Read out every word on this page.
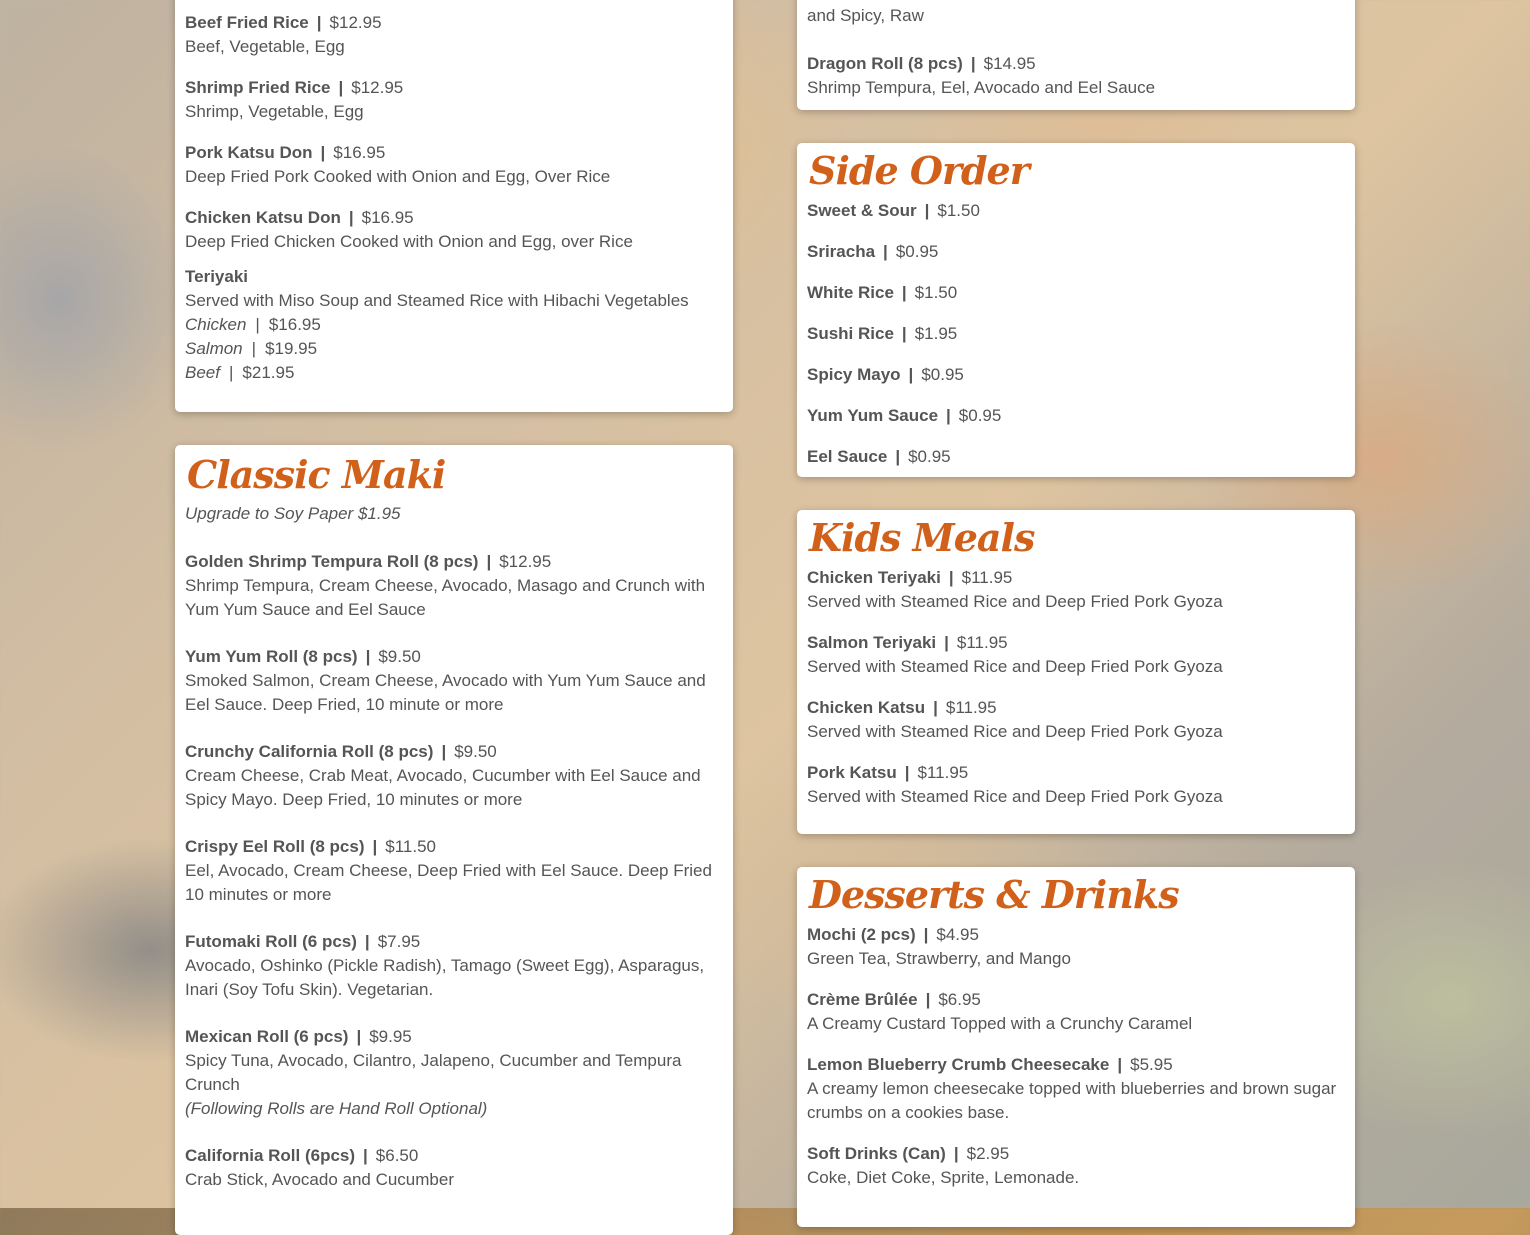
Beef Fried Rice | $12.95
Beef, Vegetable, Egg
Shrimp Fried Rice | $12.95
Shrimp, Vegetable, Egg
Pork Katsu Don | $16.95
Deep Fried Pork Cooked with Onion and Egg, Over Rice
Chicken Katsu Don | $16.95
Deep Fried Chicken Cooked with Onion and Egg, over Rice
Teriyaki
Served with Miso Soup and Steamed Rice with Hibachi Vegetables
Chicken | $16.95
Salmon | $19.95
Beef | $21.95
Classic Maki
Upgrade to Soy Paper $1.95
Golden Shrimp Tempura Roll (8 pcs) | $12.95
Shrimp Tempura, Cream Cheese, Avocado, Masago and Crunch with Yum Yum Sauce and Eel Sauce
Yum Yum Roll (8 pcs) | $9.50
Smoked Salmon, Cream Cheese, Avocado with Yum Yum Sauce and Eel Sauce. Deep Fried, 10 minute or more
Crunchy California Roll (8 pcs) | $9.50
Cream Cheese, Crab Meat, Avocado, Cucumber with Eel Sauce and Spicy Mayo. Deep Fried, 10 minutes or more
Crispy Eel Roll (8 pcs) | $11.50
Eel, Avocado, Cream Cheese, Deep Fried with Eel Sauce. Deep Fried 10 minutes or more
Futomaki Roll (6 pcs) | $7.95
Avocado, Oshinko (Pickle Radish), Tamago (Sweet Egg), Asparagus, Inari (Soy Tofu Skin). Vegetarian.
Mexican Roll (6 pcs) | $9.95
Spicy Tuna, Avocado, Cilantro, Jalapeno, Cucumber and Tempura Crunch
(Following Rolls are Hand Roll Optional)
California Roll (6pcs) | $6.50
Crab Stick, Avocado and Cucumber
and Spicy, Raw
Dragon Roll (8 pcs) | $14.95
Shrimp Tempura, Eel, Avocado and Eel Sauce
Side Order
Sweet & Sour | $1.50
Sriracha | $0.95
White Rice | $1.50
Sushi Rice | $1.95
Spicy Mayo | $0.95
Yum Yum Sauce | $0.95
Eel Sauce | $0.95
Kids Meals
Chicken Teriyaki | $11.95
Served with Steamed Rice and Deep Fried Pork Gyoza
Salmon Teriyaki | $11.95
Served with Steamed Rice and Deep Fried Pork Gyoza
Chicken Katsu | $11.95
Served with Steamed Rice and Deep Fried Pork Gyoza
Pork Katsu | $11.95
Served with Steamed Rice and Deep Fried Pork Gyoza
Desserts & Drinks
Mochi (2 pcs) | $4.95
Green Tea, Strawberry, and Mango
Crème Brûlée | $6.95
A Creamy Custard Topped with a Crunchy Caramel
Lemon Blueberry Crumb Cheesecake | $5.95
A creamy lemon cheesecake topped with blueberries and brown sugar crumbs on a cookies base.
Soft Drinks (Can) | $2.95
Coke, Diet Coke, Sprite, Lemonade.
